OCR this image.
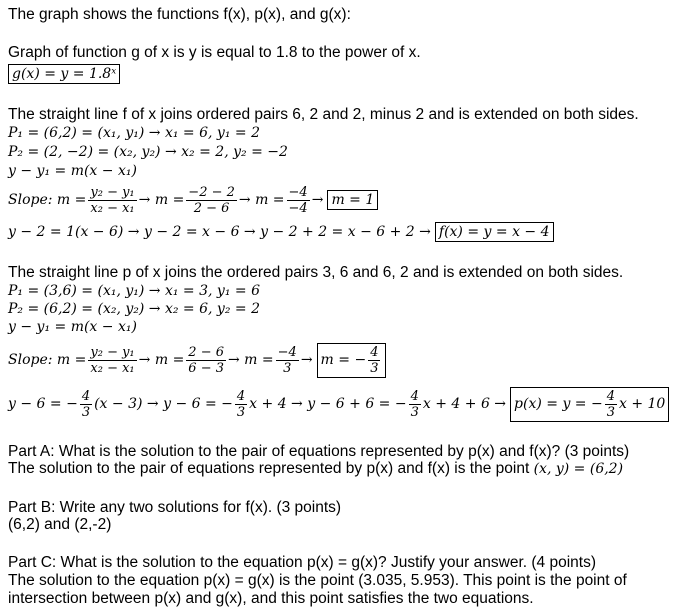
The graph shows the functions f(x), p(x), and g(x):

Graph of function g of x is y is equal to 1.8 to the power of x.

g(x) = y = 1.8ˣ

The straight line f of x joins ordered pairs 6, 2 and 2, minus 2 and is extended on both sides.

P₁ = (6,2) = (x₁, y₁) → x₁ = 6, y₁ = 2
P₂ = (2, −2) = (x₂, y₂) → x₂ = 2, y₂ = −2
y − y₁ = m(x − x₁)
Slope: $m = \frac{\text{y₂ − y₁}}{\text{x₂ − x₁}} \to m = \frac{-2 - 2}{2 - 6} \to m = \frac{-4}{-4} \to m = 1$
y − 2 = 1(x − 6) → y − 2 = x − 6 → y − 2 + 2 = x − 6 + 2 → f(x) = y = x − 4

The straight line p of x joins the ordered pairs 3, 6 and 6, 2 and is extended on both sides.

P₁ = (3,6) = (x₁, y₁) → x₁ = 3, y₁ = 6
P₂ = (6,2) = (x₂, y₂) → x₂ = 6, y₂ = 2
y − y₁ = m(x − x₁)
Slope: $m = \frac{\text{y₂ − y₁}}{\text{x₂ − x₁}} \to m = \frac{2 - 6}{6 - 3} \to m = \frac{-4}{3} \to m$ = − $\frac{4}{3}$
y − 6 = − $\frac{4}{3} (x - 3) \to y - 6$ = − $\frac{4}{3}$ x + 4 → y − 6 + 6 = − $\frac{4}{3}$ x + 4 + 6 → p(x) = y = − $\frac{4}{3}$ x + 10

Part A: What is the solution to the pair of equations represented by p(x) and f(x)? (3 points)

The solution to the pair of equations represented by p(x) and f(x) is the point (x, y) = (6,2)

Part B: Write any two solutions for f(x). (3 points)

(6,2) and (2,-2)

Part C: What is the solution to the equation p(x) = g(x)? Justify your answer. (4 points)

The solution to the equation p(x) = g(x) is the point (3.035, 5.953). This point is the point of

intersection between p(x) and g(x), and this point satisfies the two equations.
